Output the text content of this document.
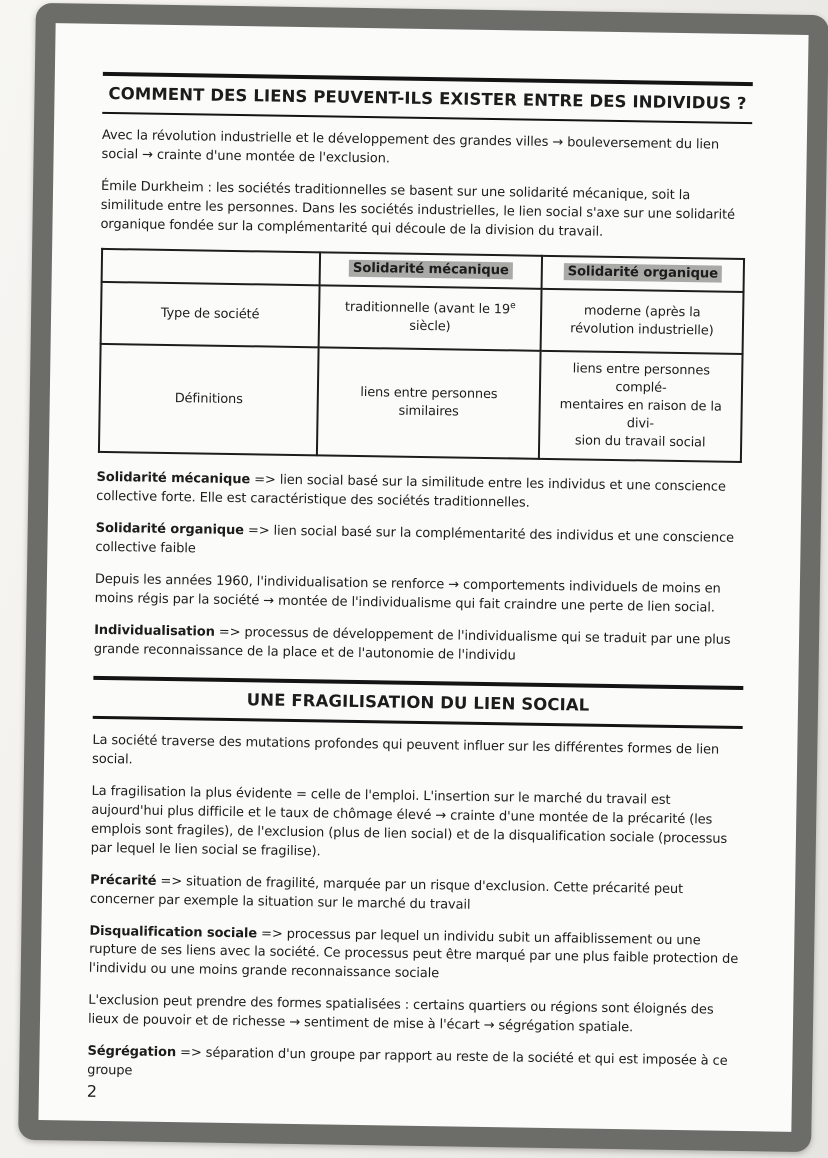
COMMENT DES LIENS PEUVENT-ILS EXISTER ENTRE DES INDIVIDUS ?

Avec la révolution industrielle et le développement des grandes villes → bouleversement du lien social → crainte d'une montée de l'exclusion.

Émile Durkheim : les sociétés traditionnelles se basent sur une solidarité mécanique, soit la similitude entre les personnes. Dans les sociétés industrielles, le lien social s'axe sur une solidarité organique fondée sur la complémentarité qui découle de la division du travail.

	Solidarité mécanique	Solidarité organique
Type de société	traditionnelle (avant le 19e siècle)	moderne (après la révolution industrielle)
Définitions	liens entre personnes similaires	liens entre personnes complé-
mentaires en raison de la divi-
sion du travail social

Solidarité mécanique => lien social basé sur la similitude entre les individus et une conscience collective forte. Elle est caractéristique des sociétés traditionnelles.

Solidarité organique => lien social basé sur la complémentarité des individus et une conscience collective faible

Depuis les années 1960, l'individualisation se renforce → comportements individuels de moins en moins régis par la société → montée de l'individualisme qui fait craindre une perte de lien social.

Individualisation => processus de développement de l'individualisme qui se traduit par une plus grande reconnaissance de la place et de l'autonomie de l'individu

UNE FRAGILISATION DU LIEN SOCIAL

La société traverse des mutations profondes qui peuvent influer sur les différentes formes de lien social.

La fragilisation la plus évidente = celle de l'emploi. L'insertion sur le marché du travail est aujourd'hui plus difficile et le taux de chômage élevé → crainte d'une montée de la précarité (les emplois sont fragiles), de l'exclusion (plus de lien social) et de la disqualification sociale (processus par lequel le lien social se fragilise).

Précarité => situation de fragilité, marquée par un risque d'exclusion. Cette précarité peut concerner par exemple la situation sur le marché du travail

Disqualification sociale => processus par lequel un individu subit un affaiblissement ou une rupture de ses liens avec la société. Ce processus peut être marqué par une plus faible protection de l'individu ou une moins grande reconnaissance sociale

L'exclusion peut prendre des formes spatialisées : certains quartiers ou régions sont éloignés des lieux de pouvoir et de richesse → sentiment de mise à l'écart → ségrégation spatiale.

Ségrégation => séparation d'un groupe par rapport au reste de la société et qui est imposée à ce groupe

2
